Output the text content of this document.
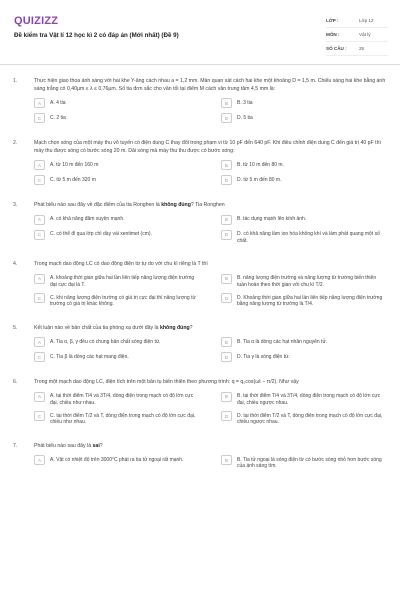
QUIZIZZ
Đề kiểm tra Vật lí 12 học kì 2 có đáp án (Mới nhất) (Đề 9)
LỚP :	Lớp 12
MÔN :	Vật lý
SỐ CÂU :	25
1.	Thực hiện giao thoa ánh sáng với hai khe Y-âng cách nhau a = 1,2 mm. Màn quan sát cách hai khe một khoảng D = 1,5 m. Chiếu sáng hai khe bằng ánh sáng trắng có 0,40µm ≤ λ ≤ 0,76µm. Số tia đơn sắc cho vân tối tại điểm M cách vân trung tâm 4,5 mm là:
A	A. 4 tia	B	B. 3 tia
C	C. 2 tia	D	D. 5 tia
2.	Mạch chọn sóng của một máy thu vô tuyến có điện dung C thay đổi trong phạm vi từ 10 pF đến 640 pF. Khi điều chỉnh điện dung C đến giá trị 40 pF thì máy thu được sóng có bước sóng 20 m. Dải sóng mà máy thu thu được có bước sóng:
A	A. từ 10 m đến 160 m	B	B. từ 10 m đến 80 m.
C	C. từ 5 m đến 320 m	D	D. từ 5 m đến 80 m.
3.	Phát biểu nào sau đây về đặc điểm của tia Ronghen là không đúng? Tia Ronghen
A	A. có khả năng đâm xuyên mạnh.	B	B. tác dụng mạnh lên kính ảnh.
C	C. có thể đi qua lớp chì dày vài xentimet (cm).	D	D. có khả năng làm ion hóa không khí và làm phát quang một số chất.
4.	Trong mạch dao động LC có dao động điện từ tự do với chu kì riêng là T thì
A	A. khoảng thời gian giữa hai lần liên tiếp năng lượng điện trường đạt cực đại là T.
B	B. năng lượng điện trường và năng lượng từ trường biến thiên tuần hoàn theo thời gian với chu kì T/2.
C	C. khi năng lượng điện trường có giá trị cực đại thì năng lượng từ trường có giá trị khác không.
D	D. Khoảng thời gian giữa hai lần liên tiếp năng lượng điện trường bằng năng lượng từ trường là T/4.
5.	Kết luận nào về bản chất của tia phóng xạ dưới đây là không đúng?
A	A. Tia α, β, γ đều có chung bản chất sóng điện từ.	B	B. Tia α là dòng các hạt nhân nguyên tử.
C	C. Tia β là dòng các hạt mang điện.	D	D. Tia γ là sóng điện từ.
6.	Trong một mạch dao động LC, điện tích trên một bản tụ biến thiên theo phương trình: q = q₀cos(ωt − π/2). Như vậy
A	A. tại thời điểm T/4 và 3T/4, dòng điện trong mạch có độ lớn cực đại, chiều như nhau.
B	B. tại thời điểm T/4 và 3T/4, dòng điện trong mạch có độ lớn cực đại, chiều ngược nhau.
C	C. tại thời điểm T/2 và T, dòng điện trong mạch có độ lớn cực đại, chiều như nhau.
D	D. tại thời điểm T/2 và T, dòng điện trong mạch có độ lớn cực đại, chiều ngược nhau.
7.	Phát biểu nào sau đây là sai?
A	A. Vật có nhiệt độ trên 3000°C phát ra tia tử ngoại rất mạnh.	B	B. Tia tử ngoại là sóng điện từ có bước sóng nhỏ hơn bước sóng của ánh sáng tím.
